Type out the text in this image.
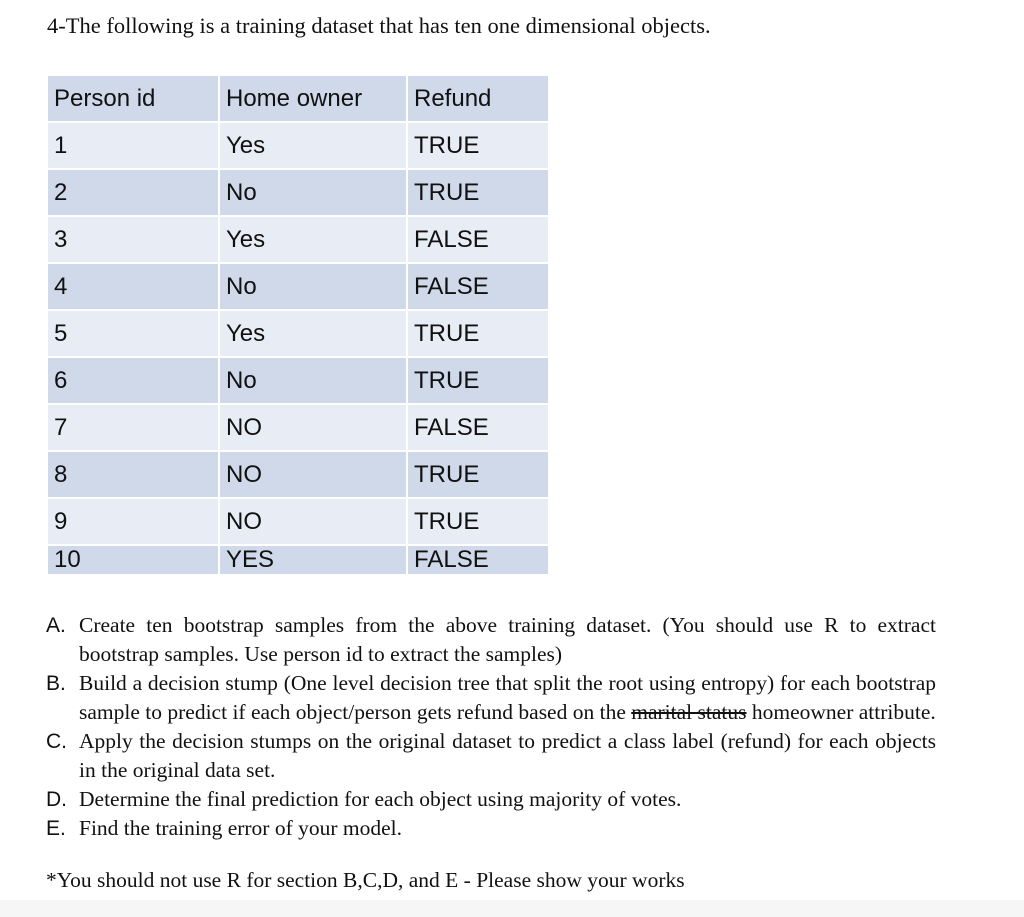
4-The following is a training dataset that has ten one dimensional objects.
Person id	Home owner	Refund
1	Yes	TRUE
2	No	TRUE
3	Yes	FALSE
4	No	FALSE
5	Yes	TRUE
6	No	TRUE
7	NO	FALSE
8	NO	TRUE
9	NO	TRUE
10	YES	FALSE
A. Create ten bootstrap samples from the above training dataset. (You should use R to extract bootstrap samples. Use person id to extract the samples)
B. Build a decision stump (One level decision tree that split the root using entropy) for each bootstrap sample to predict if each object/person gets refund based on the marital status homeowner attribute.
C. Apply the decision stumps on the original dataset to predict a class label (refund) for each objects in the original data set.
D. Determine the final prediction for each object using majority of votes.
E. Find the training error of your model.
*You should not use R for section B,C,D, and E - Please show your works
